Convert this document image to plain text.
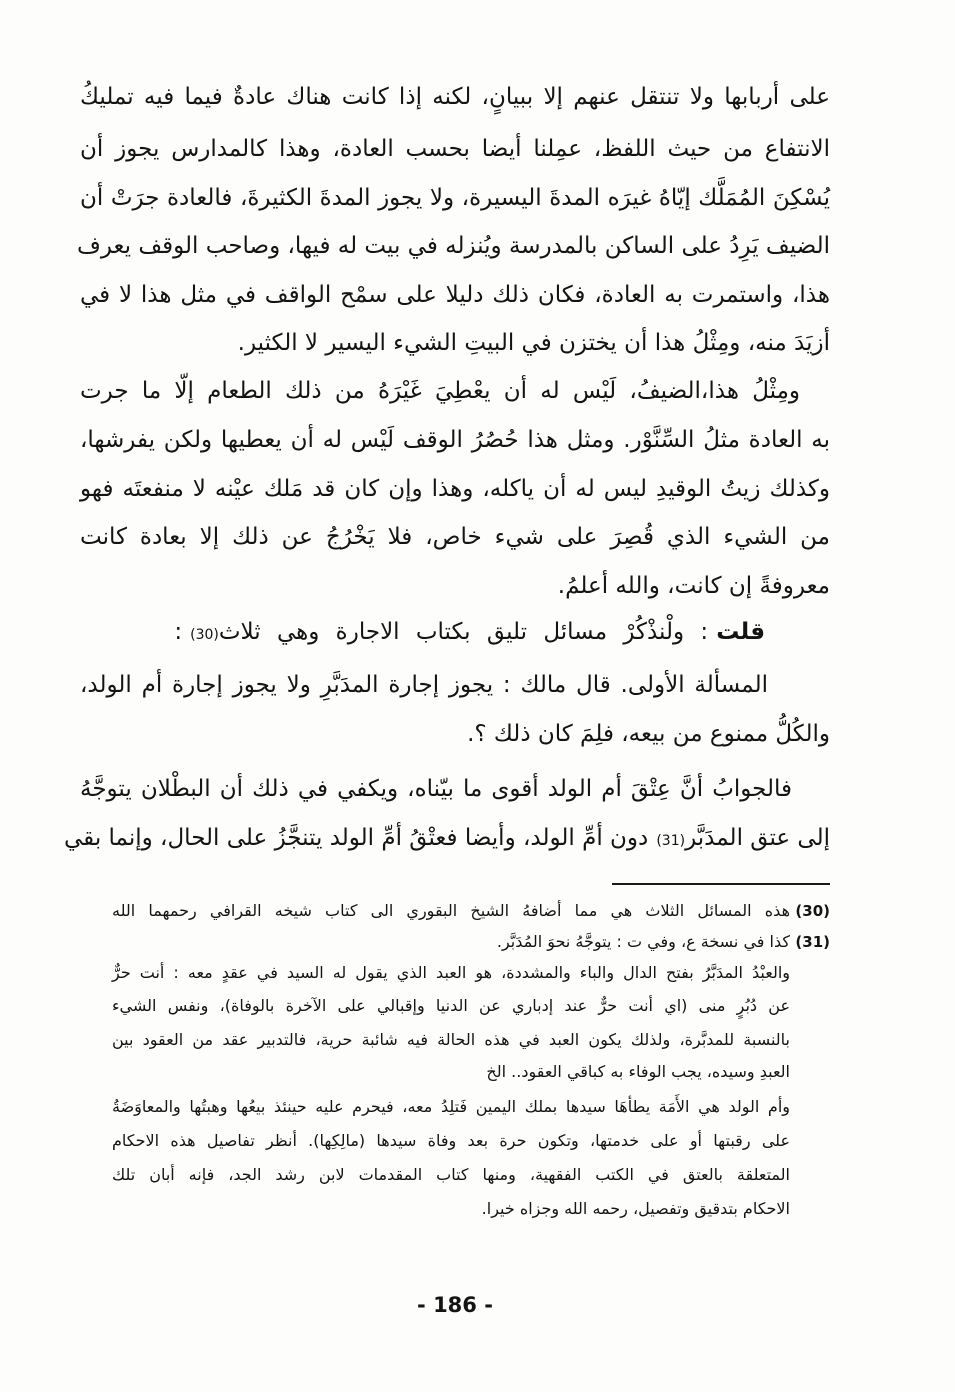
على أربابها ولا تنتقل عنهم إلا ببيانٍ، لكنه إذا كانت هناك عادةٌ فيما فيه تمليكُ
الانتفاع من حيث اللفظ، عمِلنا أيضا بحسب العادة، وهذا كالمدارس يجوز أن
يُسْكِنَ المُمَلَّك إيّاهُ غيرَه المدةَ اليسيرة، ولا يجوز المدةَ الكثيرةَ، فالعادة جرَتْ أن
الضيف يَرِدُ على الساكن بالمدرسة ويُنزله في بيت له فيها، وصاحب الوقف يعرف
هذا، واستمرت به العادة، فكان ذلك دليلا على سمْح الواقف في مثل هذا لا في
أزيَدَ منه، ومِثْلُ هذا أن يختزن في البيتِ الشيء اليسير لا الكثير.
ومِثْلُ هذا،الضيفُ، لَيْس له أن يعْطِيَ غَيْرَهُ من ذلك الطعام إلّا ما جرت
به العادة مثلُ السِّنَّوْر. ومثل هذا حُصُرُ الوقف لَيْس له أن يعطيها ولكن يفرشها،
وكذلك زيتُ الوقيدِ ليس له أن ياكله، وهذا وإن كان قد مَلك عيْنه لا منفعتَه فهو
من الشيء الذي قُصِرَ على شيء خاص، فلا يَخْرُجُ عن ذلك إلا بعادة كانت
معروفةً إن كانت، والله أعلمُ.
قلت: ولْنذْكُرْ مسائل تليق بكتاب الاجارة وهي ثلاث(30):
المسألة الأولى. قال مالك : يجوز إجارة المدَبَّرِ ولا يجوز إجارة أم الولد،
والكُلُّ ممنوع من بيعه، فلِمَ كان ذلك ؟.
فالجوابُ أنَّ عِتْقَ أم الولد أقوى ما بيّناه، ويكفي في ذلك أن البطْلان يتوجَّهُ
إلى عتق المدَبَّر(31)دون أمِّ الولد، وأيضا فعتْقُ أمِّ الولد يتنجَّزُ على الحال، وإنما بقي
(30)
هذه المسائل الثلاث هي مما أضافهُ الشيخ البقوري الى كتاب شيخه القرافي رحمهما الله
(31)
كذا في نسخة ع، وفي ت : يتوجَّهُ نحوَ المُدَبَّر.
والعبْدُ المدَبَّرُ بفتح الدال والباء والمشددة، هو العبد الذي يقول له السيد في عقدٍ معه : أنت حرٌّ
عن دُبُرٍ منى (اي أنت حرٌّ عند إدباري عن الدنيا وإقبالي على الآخرة بالوفاة)، ونفس الشيء
بالنسبة للمدبَّرة، ولذلك يكون العبد في هذه الحالة فيه شائبة حرية، فالتدبير عقد من العقود بين
العبدِ وسيده، يجب الوفاء به كباقي العقود.. الخ
وأم الولد هي الأَمَة يطأهَا سيدها بملك اليمين فَتلِدُ معه، فيحرم عليه حينئذ بيعُها وهبتُها والمعاوَضَةُ
على رقبتها أو على خدمتها، وتكون حرة بعد وفاة سيدها (مالِكِها). أنظر تفاصيل هذه الاحكام
المتعلقة بالعتق في الكتب الفقهية، ومنها كتاب المقدمات لابن رشد الجد، فإنه أبان تلك
الاحكام بتدقيق وتفصيل، رحمه الله وجزاه خيرا.
- 186 -
